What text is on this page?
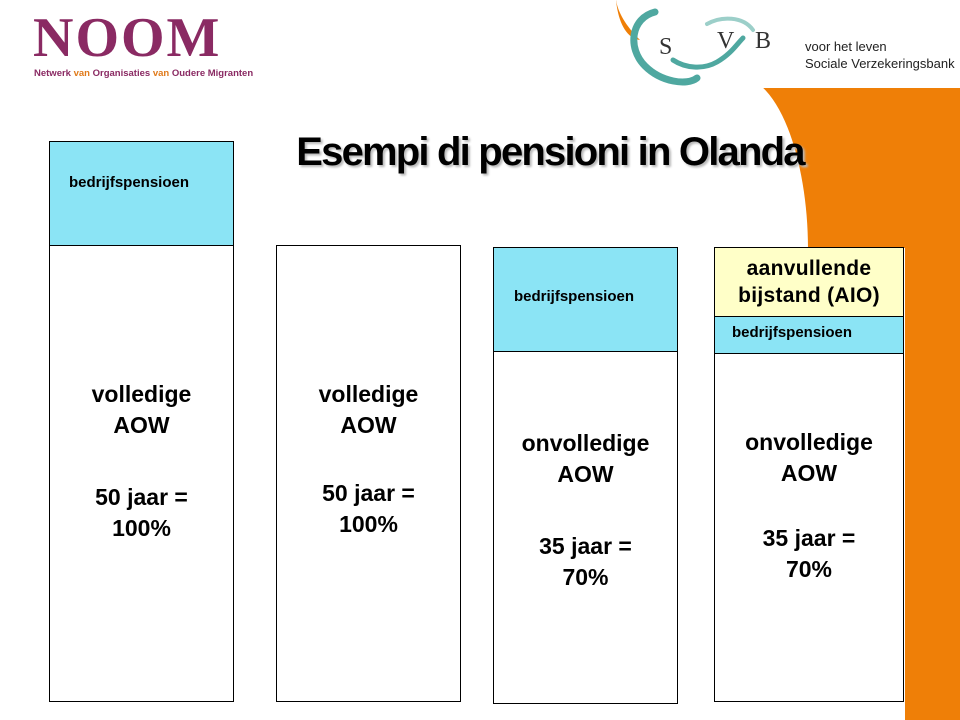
NOOM
Netwerk van Organisaties van Oudere Migranten
S V B	voor het leven
Sociale Verzekeringsbank
Esempi di pensioni in Olanda
bedrijfspensioen
volledige
AOW
50 jaar =
100%
volledige
AOW
50 jaar =
100%
bedrijfspensioen
onvolledige
AOW
35 jaar =
70%
aanvullende
bijstand (AIO)
bedrijfspensioen
onvolledige
AOW
35 jaar =
70%
